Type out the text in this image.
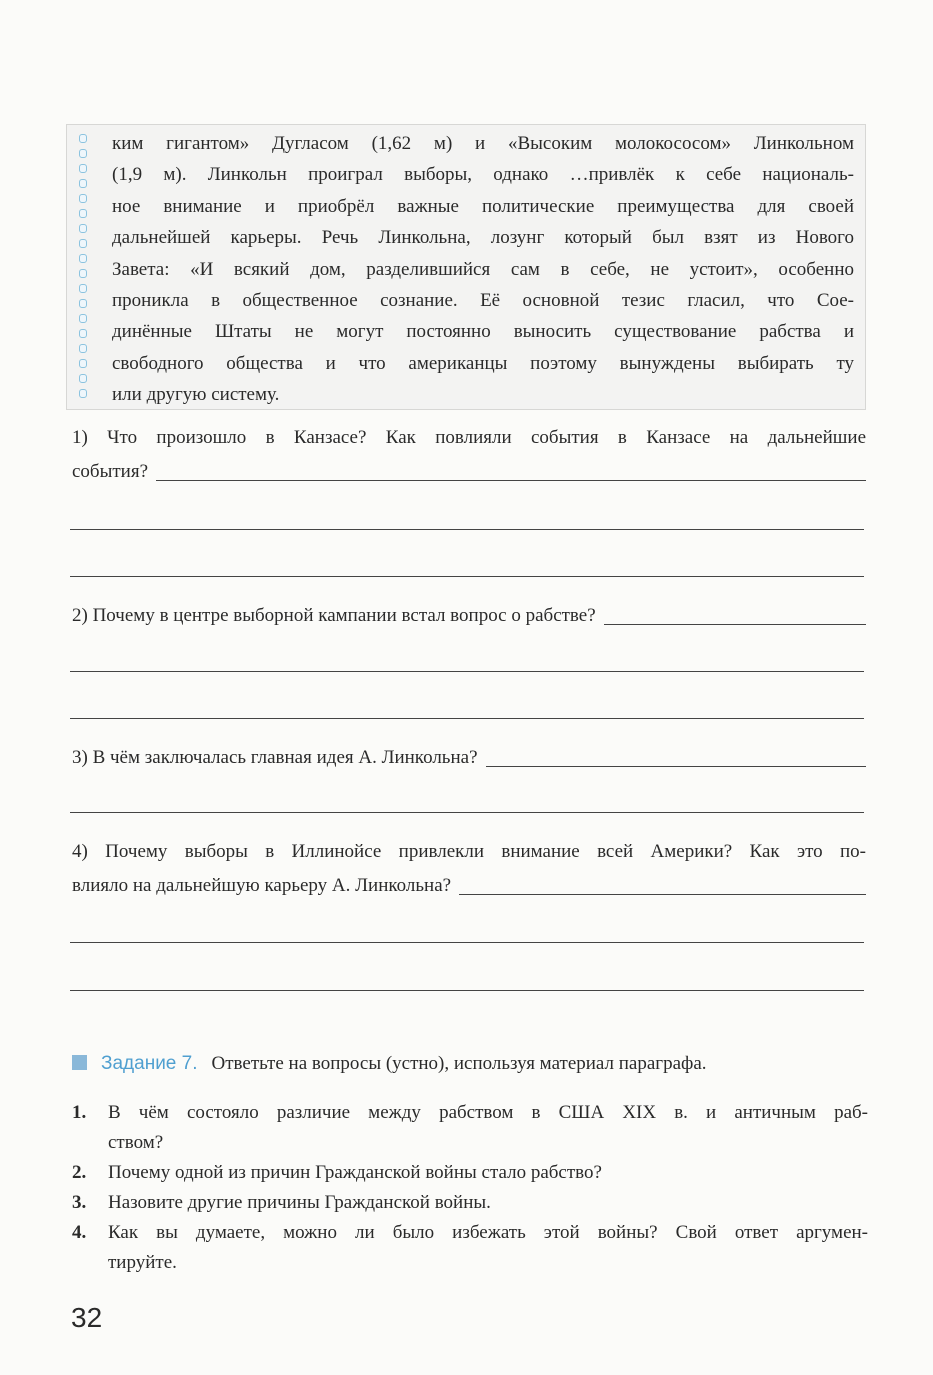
ким гигантом» Дугласом (1,62 м) и «Высоким молокососом» Линкольном
(1,9 м). Линкольн проиграл выборы, однако …привлёк к себе националь-
ное внимание и приобрёл важные политические преимущества для своей
дальнейшей карьеры. Речь Линкольна, лозунг который был взят из Нового
Завета: «И всякий дом, разделившийся сам в себе, не устоит», особенно
проникла в общественное сознание. Её основной тезис гласил, что Сое-
динённые Штаты не могут постоянно выносить существование рабства и
свободного общества и что американцы поэтому вынуждены выбирать ту
или другую систему.
1) Что произошло в Канзасе? Как повлияли события в Канзасе на дальнейшие
события?
2) Почему в центре выборной кампании встал вопрос о рабстве?
3) В чём заключалась главная идея А. Линкольна?
4) Почему выборы в Иллинойсе привлекли внимание всей Америки? Как это по-
влияло на дальнейшую карьеру А. Линкольна?
Задание 7. Ответьте на вопросы (устно), используя материал параграфа.
1. В чём состояло различие между рабством в США XIX в. и античным раб-
ством?
2. Почему одной из причин Гражданской войны стало рабство?
3. Назовите другие причины Гражданской войны.
4. Как вы думаете, можно ли было избежать этой войны? Свой ответ аргумен-
тируйте.
32
